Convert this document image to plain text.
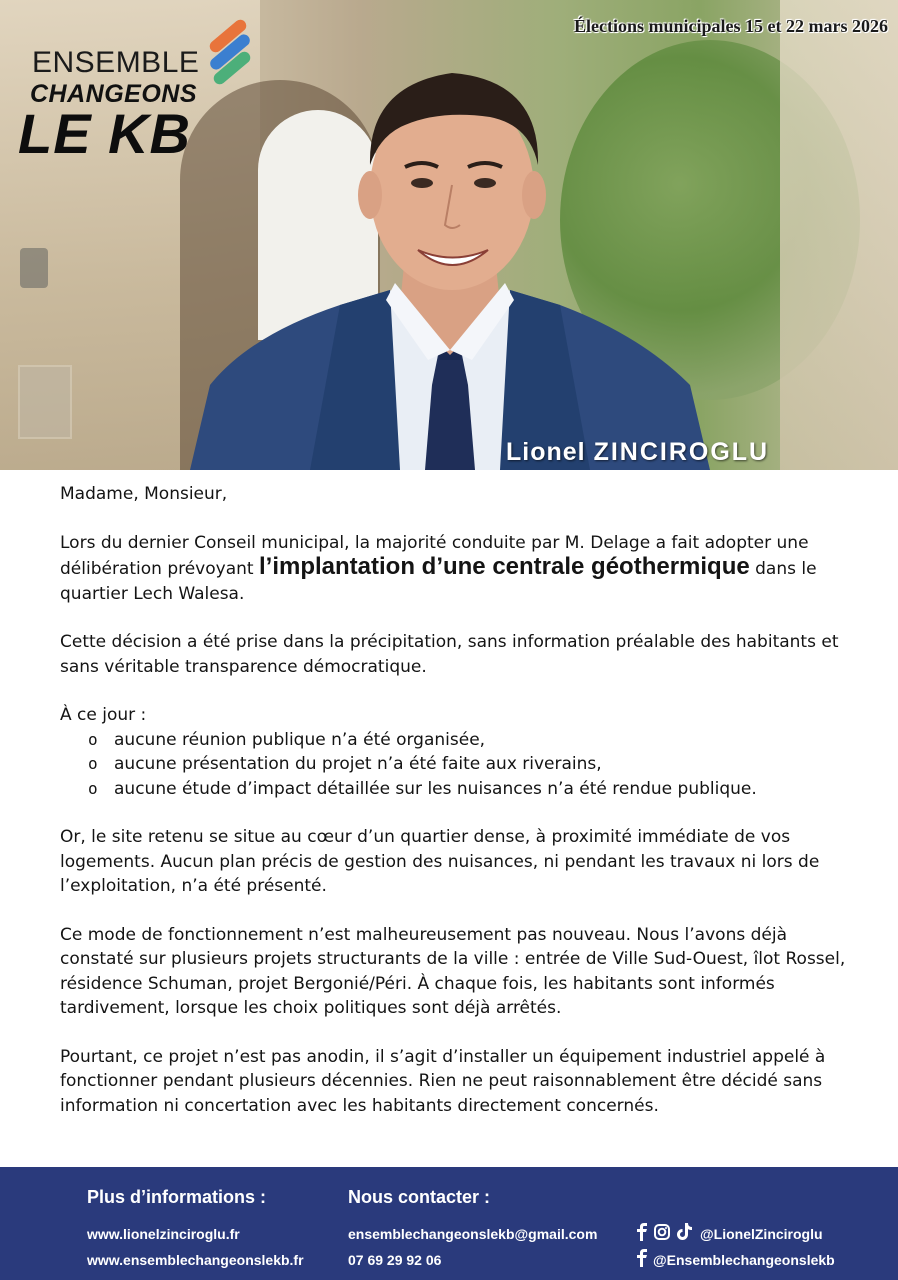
ENSEMBLE
CHANGEONS
LE KB
Élections municipales 15 et 22 mars 2026
Lionel ZINCIROGLU

Madame, Monsieur,

Lors du dernier Conseil municipal, la majorité conduite par M. Delage a fait adopter une délibération prévoyant l’implantation d’une centrale géothermique dans le quartier Lech Walesa.

Cette décision a été prise dans la précipitation, sans information préalable des habitants et sans véritable transparence démocratique.

À ce jour :

o aucune réunion publique n’a été organisée,
o aucune présentation du projet n’a été faite aux riverains,
o aucune étude d’impact détaillée sur les nuisances n’a été rendue publique.

Or, le site retenu se situe au cœur d’un quartier dense, à proximité immédiate de vos logements. Aucun plan précis de gestion des nuisances, ni pendant les travaux ni lors de l’exploitation, n’a été présenté.

Ce mode de fonctionnement n’est malheureusement pas nouveau. Nous l’avons déjà constaté sur plusieurs projets structurants de la ville : entrée de Ville Sud-Ouest, îlot Rossel, résidence Schuman, projet Bergonié/Péri. À chaque fois, les habitants sont informés tardivement, lorsque les choix politiques sont déjà arrêtés.

Pourtant, ce projet n’est pas anodin, il s’agit d’installer un équipement industriel appelé à fonctionner pendant plusieurs décennies. Rien ne peut raisonnablement être décidé sans information ni concertation avec les habitants directement concernés.

Plus d’informations :
www.lionelzinciroglu.fr
www.ensemblechangeonslekb.fr
Nous contacter :
ensemblechangeonslekb@gmail.com
07 69 29 92 06
@LionelZinciroglu
@Ensemblechangeonslekb
